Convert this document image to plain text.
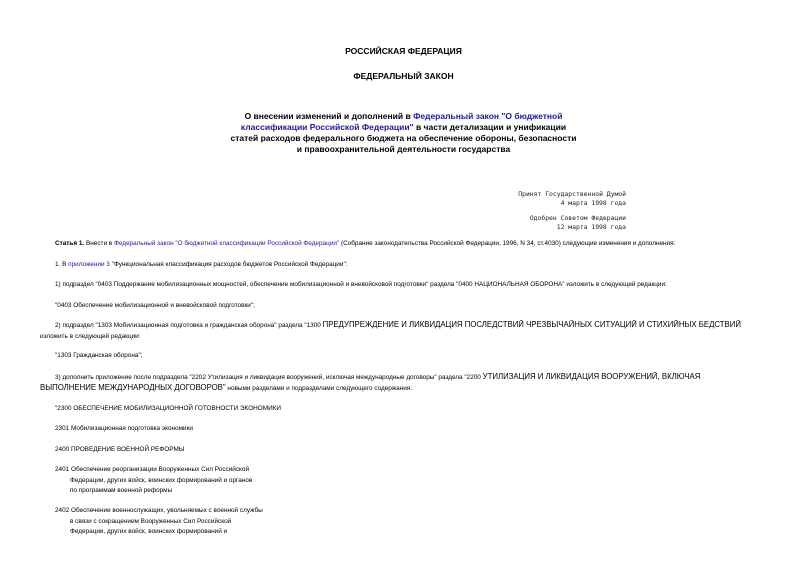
РОССИЙСКАЯ ФЕДЕРАЦИЯ
ФЕДЕРАЛЬНЫЙ ЗАКОН
О внесении изменений и дополнений в Федеральный закон "О бюджетной классификации Российской Федерации" в части детализации и унификации статей расходов федерального бюджета на обеспечение обороны, безопасности и правоохранительной деятельности государства
Принят Государственной Думой
4 марта 1998 года
Одобрен Советом Федерации
12 марта 1998 года
Статья 1. Внести в Федеральный закон "О бюджетной классификации Российской Федерации" (Собрание законодательства Российской Федерации, 1996, N 34, ст.4030) следующие изменения и дополнения:
1. В приложении 3 "Функциональная классификация расходов бюджетов Российской Федерации":
1) подраздел "0403 Поддержание мобилизационных мощностей, обеспечение мобилизационной и вневойсковой подготовки" раздела "0400 НАЦИОНАЛЬНАЯ ОБОРОНА" изложить в следующей редакции:
"0403 Обеспечение мобилизационной и вневойсковой подготовки";
2) подраздел "1303 Мобилизационная подготовка и гражданская оборона" раздела "1300 ПРЕДУПРЕЖДЕНИЕ И ЛИКВИДАЦИЯ ПОСЛЕДСТВИЙ ЧРЕЗВЫЧАЙНЫХ СИТУАЦИЙ И СТИХИЙНЫХ БЕДСТВИЙ
изложить в следующей редакции:
"1303 Гражданская оборона";
3) дополнить приложение после подраздела "2202 Утилизация и ликвидация вооружений, исключая международные договоры" раздела "2200 УТИЛИЗАЦИЯ И ЛИКВИДАЦИЯ ВООРУЖЕНИЙ, ВКЛЮЧАЯ
ВЫПОЛНЕНИЕ МЕЖДУНАРОДНЫХ ДОГОВОРОВ" новыми разделами и подразделами следующего содержания:
"2300 ОБЕСПЕЧЕНИЕ МОБИЛИЗАЦИОННОЙ ГОТОВНОСТИ ЭКОНОМИКИ
2301 Мобилизационная подготовка экономики
2400 ПРОВЕДЕНИЕ ВОЕННОЙ РЕФОРМЫ
2401 Обеспечение реорганизации Вооруженных Сил Российской
Федерации, других войск, воинских формирований и органов
по программам военной реформы
2402 Обеспечение военнослужащих, увольняемых с военной службы
в связи с сокращением Вооруженных Сил Российской
Федерации, других войск, воинских формирований и
